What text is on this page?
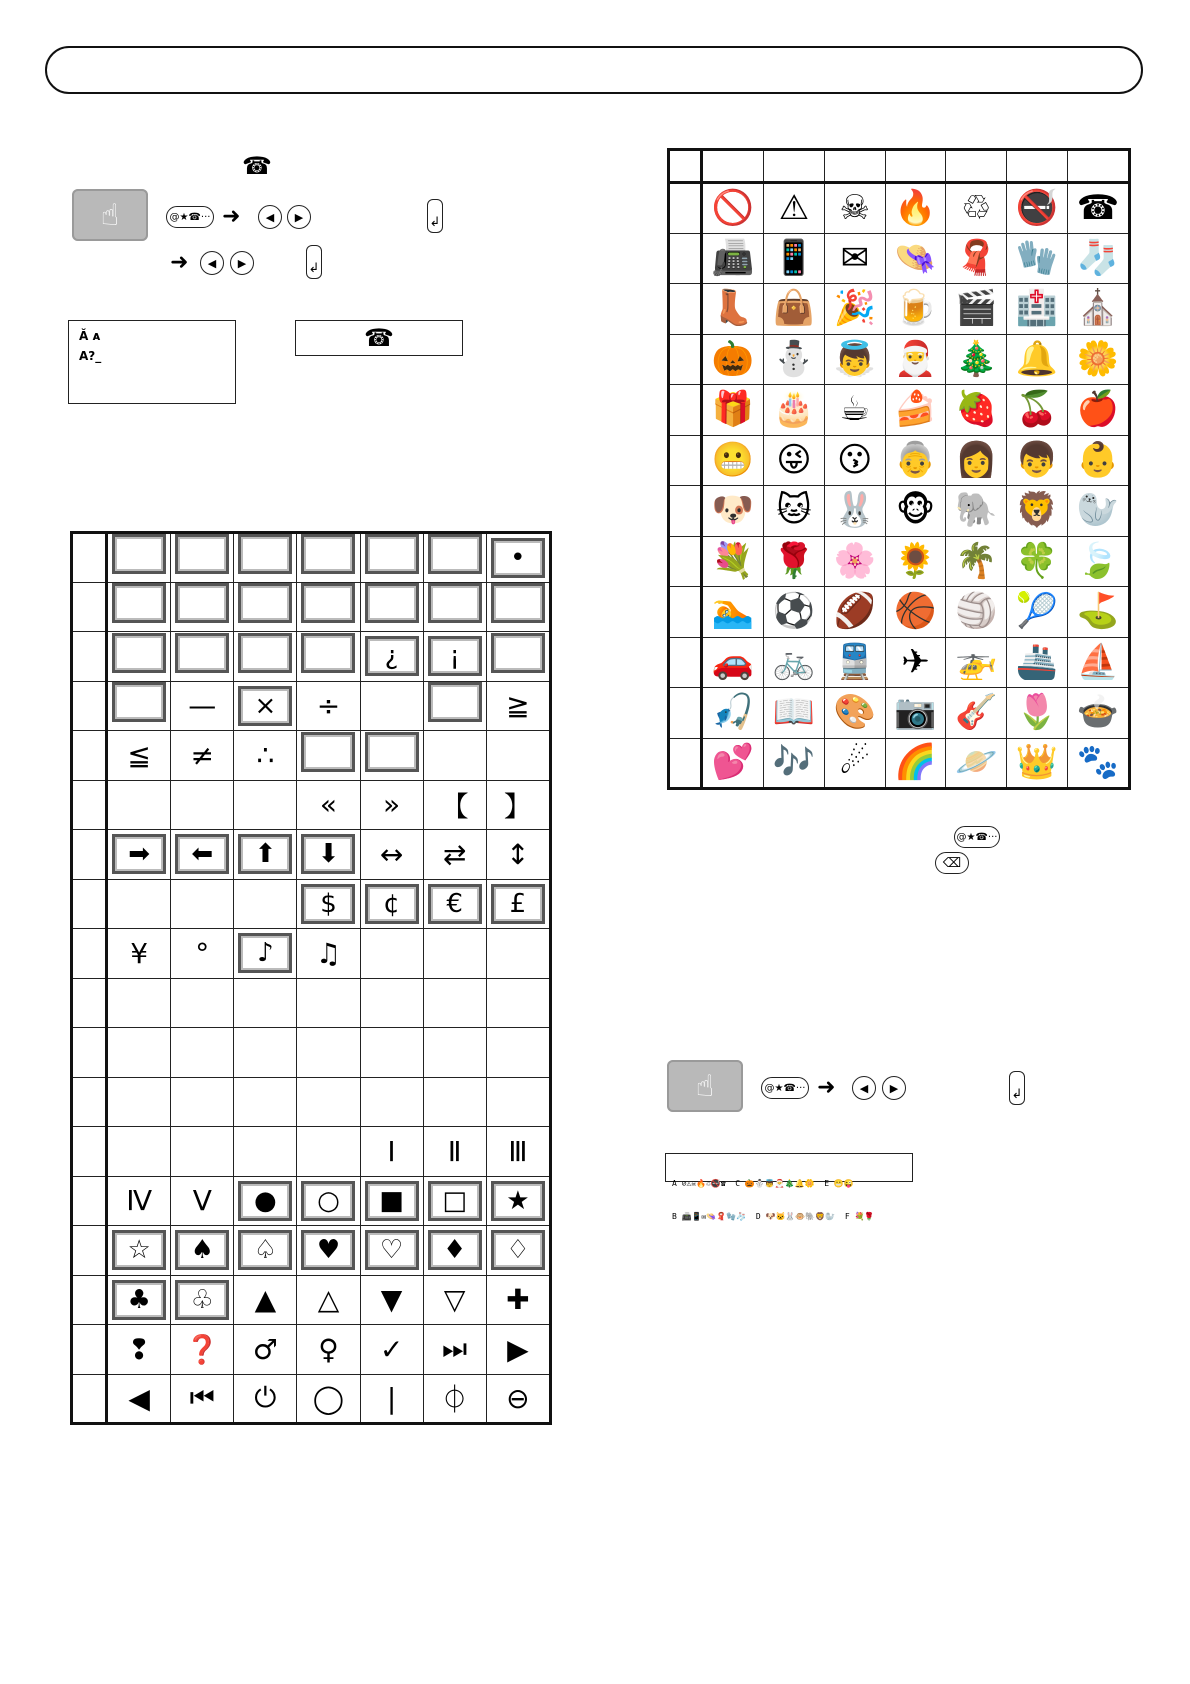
☎
☝	@★☎··· ➜	◀	▶	↲
➜	◀	▶	↲
Ă ᴀ
A?_
☎
							•

					¿	¡	
		—	×	÷			≧
	≦	≠	∴				
				«	»	【	】
	➡	⬅	⬆	⬇	↔	⇄	↕
				$	¢	€	£
	¥	°	♪	♫			

					Ⅰ	Ⅱ	Ⅲ
	Ⅳ	Ⅴ	●	○	■	□	★
	☆	♠	♤	♥	♡	♦	♢
	♣	♧	▲	△	▼	▽	✚
	❢	❓	♂	♀	✓	⏭	▶
	◀	⏮	⏻	◯	|	⏀	⊖

	🚫	⚠	☠	🔥	♲	🚭	☎
	📠	📱	✉	👒	🧣	🧤	🧦
	👢	👜	🎉	🍺	🎬	🏥	⛪
	🎃	⛄	👼	🎅	🎄	🔔	🌼
	🎁	🎂	☕	🍰	🍓	🍒	🍎
	😬	😜	😗	👵	👩	👦	👶
	🐶	🐱	🐰	🐵	🐘	🦁	🦭
	💐	🌹	🌸	🌻	🌴	🍀	🍃
	🏊	⚽	🏈	🏀	🏐	🎾	⛳
	🚗	🚲	🚆	✈	🚁	🚢	⛵
	🎣	📖	🎨	📷	🎸	🌷	🍲
	💕	🎶	☄	🌈	🪐	👑	🐾
@★☎···
⌫
☝	@★☎··· ➜	◀	▶	↲

A ⊘⚠☠🔥♲🚭☎  C 🎃⛄👼🎅🎄🔔🌼  E 😬😜

B 📠📱✉👒🧣🧤🧦  D 🐶🐱🐰🐵🐘🦁🦭  F 💐🌹
